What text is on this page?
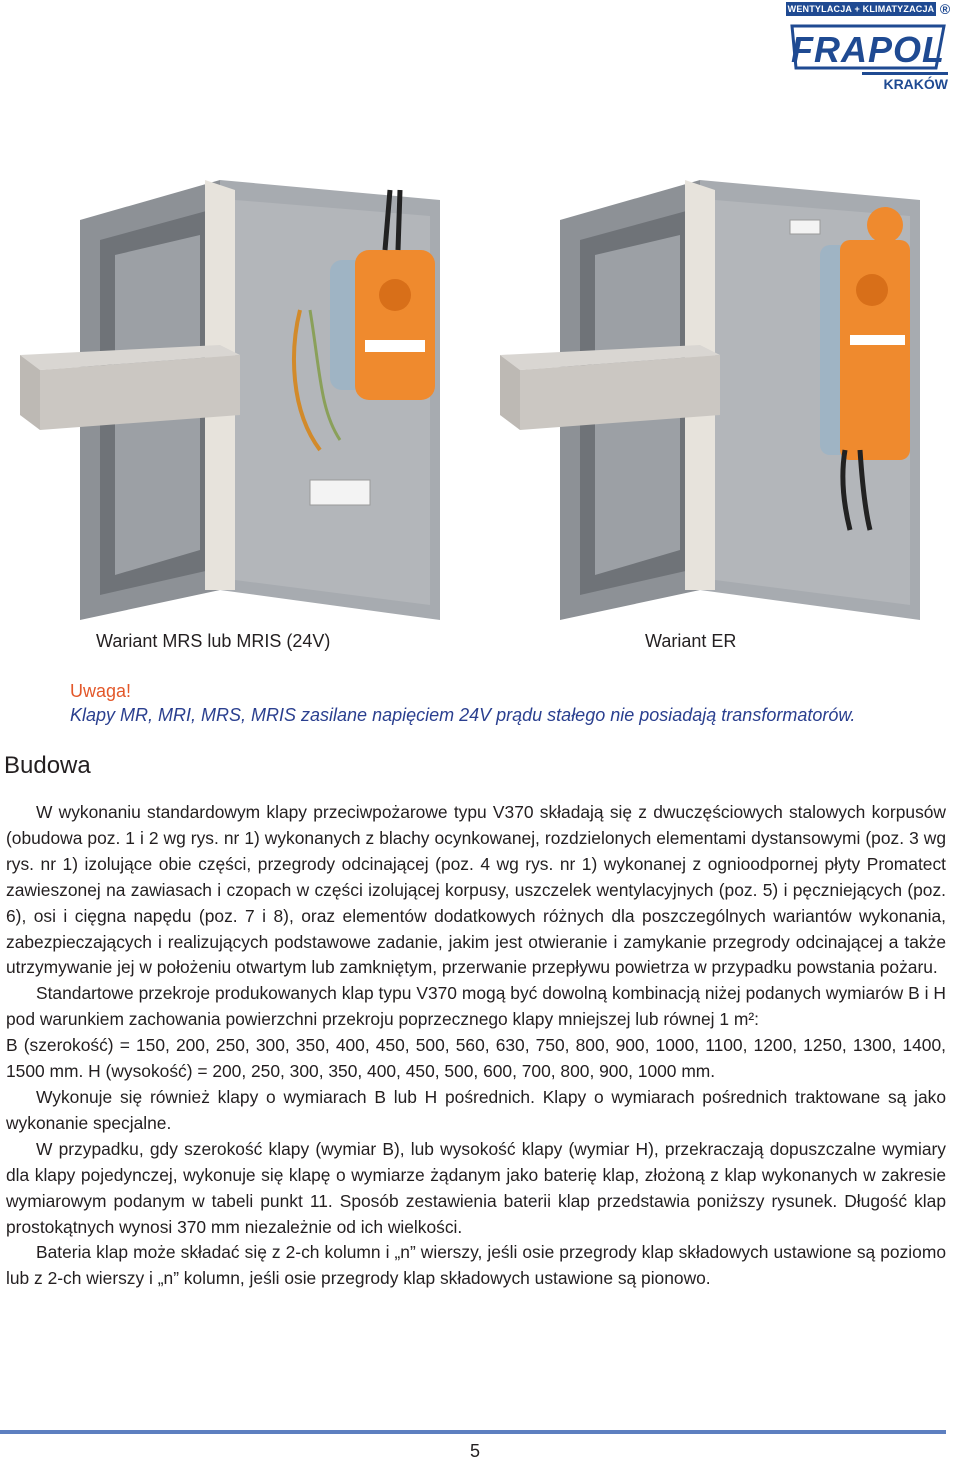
WENTYLACJA + KLIMATYZACJA ®
FRAPOL
KRAKÓW
Wariant MRS lub MRIS (24V)	Wariant ER
Uwaga!
Klapy MR, MRI, MRS, MRIS zasilane napięciem 24V prądu stałego nie posiadają transformatorów.
Budowa

W wykonaniu standardowym klapy przeciwpożarowe typu V370 składają się z dwuczęściowych stalowych korpusów (obudowa poz. 1 i 2 wg rys. nr 1) wykonanych z blachy ocynkowanej, rozdzielonych elementami dystansowymi (poz. 3 wg rys. nr 1) izolujące obie części, przegrody odcinającej (poz. 4 wg rys. nr 1) wykonanej z ognioodpornej płyty Promatect zawieszonej na zawiasach i czopach w części izolującej korpusy, uszczelek wentylacyjnych (poz. 5) i pęczniejących (poz. 6), osi i cięgna napędu (poz. 7 i 8), oraz elementów dodatkowych różnych dla poszczególnych wariantów wykonania, zabezpieczających i realizujących podstawowe zadanie, jakim jest otwieranie i zamykanie przegrody odcinającej a także utrzymywanie jej w położeniu otwartym lub zamkniętym, przerwanie przepływu powietrza w przypadku powstania pożaru.

Standartowe przekroje produkowanych klap typu V370 mogą być dowolną kombinacją niżej podanych wymiarów B i H pod warunkiem zachowania powierzchni przekroju poprzecznego klapy mniejszej lub równej 1 m²:

B (szerokość) = 150, 200, 250, 300, 350, 400, 450, 500, 560, 630, 750, 800, 900, 1000, 1100, 1200, 1250, 1300, 1400, 1500 mm. H (wysokość) = 200, 250, 300, 350, 400, 450, 500, 600, 700, 800, 900, 1000 mm.

Wykonuje się również klapy o wymiarach B lub H pośrednich. Klapy o wymiarach pośrednich traktowane są jako wykonanie specjalne.

W przypadku, gdy szerokość klapy (wymiar B), lub wysokość klapy (wymiar H), przekraczają dopuszczalne wymiary dla klapy pojedynczej, wykonuje się klapę o wymiarze żądanym jako baterię klap, złożoną z klap wykonanych w zakresie wymiarowym podanym w tabeli punkt 11. Sposób zestawienia baterii klap przedstawia poniższy rysunek. Długość klap prostokątnych wynosi 370 mm niezależnie od ich wielkości.

Bateria klap może składać się z 2-ch kolumn i „n” wierszy, jeśli osie przegrody klap składowych ustawione są poziomo lub z 2-ch wierszy i „n” kolumn, jeśli osie przegrody klap składowych ustawione są pionowo.

5
